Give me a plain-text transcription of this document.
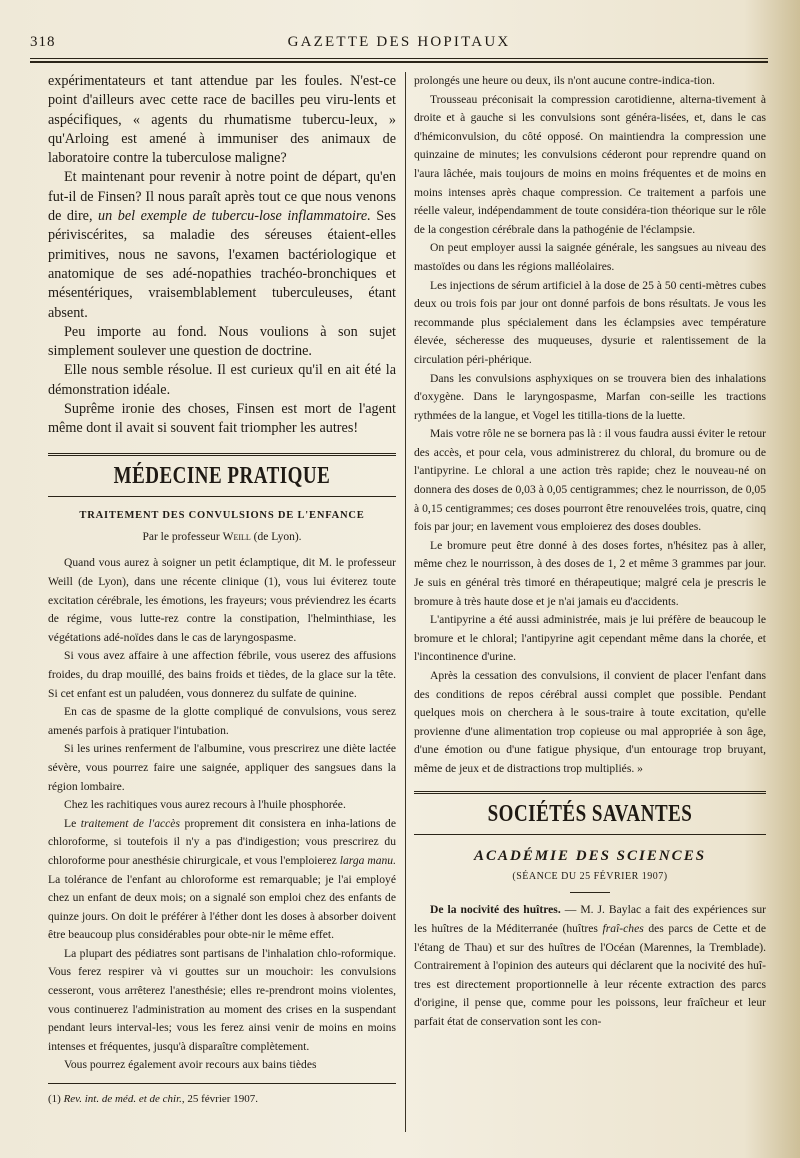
318	GAZETTE DES HOPITAUX

expérimentateurs et tant attendue par les foules. N'est-ce point d'ailleurs avec cette race de bacilles peu viru-lents et aspécifiques, « agents du rhumatisme tubercu-leux, » qu'Arloing est amené à immuniser des animaux de laboratoire contre la tuberculose maligne?

Et maintenant pour revenir à notre point de départ, qu'en fut-il de Finsen? Il nous paraît après tout ce que nous venons de dire, un bel exemple de tubercu-lose inflammatoire. Ses périviscérites, sa maladie des séreuses étaient-elles primitives, nous ne savons, l'examen bactériologique et anatomique de ses adé-nopathies trachéo-bronchiques et mésentériques, vraisemblablement tuberculeuses, étant absent.

Peu importe au fond. Nous voulions à son sujet simplement soulever une question de doctrine.

Elle nous semble résolue. Il est curieux qu'il en ait été la démonstration idéale.

Suprême ironie des choses, Finsen est mort de l'agent même dont il avait si souvent fait triompher les autres!

MÉDECINE PRATIQUE
TRAITEMENT DES CONVULSIONS DE L'ENFANCE
Par le professeur Weill (de Lyon).

Quand vous aurez à soigner un petit éclamptique, dit M. le professeur Weill (de Lyon), dans une récente clinique (1), vous lui éviterez toute excitation cérébrale, les émotions, les frayeurs; vous préviendrez les écarts de régime, vous lutte-rez contre la constipation, l'helminthiase, les végétations adé-noïdes dans le cas de laryngospasme.

Si vous avez affaire à une affection fébrile, vous userez des affusions froides, du drap mouillé, des bains froids et tièdes, de la glace sur la tête. Si cet enfant est un paludéen, vous donnerez du sulfate de quinine.

En cas de spasme de la glotte compliqué de convulsions, vous serez amenés parfois à pratiquer l'intubation.

Si les urines renferment de l'albumine, vous prescrirez une diète lactée sévère, vous pourrez faire une saignée, appliquer des sangsues dans la région lombaire.

Chez les rachitiques vous aurez recours à l'huile phosphorée.

Le traitement de l'accès proprement dit consistera en inha-lations de chloroforme, si toutefois il n'y a pas d'indigestion; vous prescrirez du chloroforme pour anesthésie chirurgicale, et vous l'emploierez larga manu. La tolérance de l'enfant au chloroforme est remarquable; je l'ai employé chez un enfant de deux mois; on a signalé son emploi chez des enfants de quinze jours. On doit le préférer à l'éther dont les doses à absorber doivent être beaucoup plus considérables pour obte-nir le même effet.

La plupart des pédiatres sont partisans de l'inhalation chlo-roformique. Vous ferez respirer và vi gouttes sur un mouchoir: les convulsions cesseront, vous arrêterez l'anesthésie; elles re-prendront moins violentes, vous continuerez l'administration au moment des crises en la suspendant pendant leurs interval-les; vous les ferez ainsi venir de moins en moins intenses et fréquentes, jusqu'à disparaître complètement.

Vous pourrez également avoir recours aux bains tièdes

(1) Rev. int. de méd. et de chir., 25 février 1907.

prolongés une heure ou deux, ils n'ont aucune contre-indica-tion.

Trousseau préconisait la compression carotidienne, alterna-tivement à droite et à gauche si les convulsions sont généra-lisées, et, dans le cas d'hémiconvulsion, du côté opposé. On maintiendra la compression une quinzaine de minutes; les convulsions céderont pour reprendre quand on l'aura lâchée, mais toujours de moins en moins fréquentes et de moins en moins intenses après chaque compression. Ce traitement a parfois une réelle valeur, indépendamment de toute considéra-tion théorique sur le rôle de la congestion cérébrale dans la pathogénie de l'éclampsie.

On peut employer aussi la saignée générale, les sangsues au niveau des mastoïdes ou dans les régions malléolaires.

Les injections de sérum artificiel à la dose de 25 à 50 centi-mètres cubes deux ou trois fois par jour ont donné parfois de bons résultats. Je vous les recommande plus spécialement dans les éclampsies avec température élevée, sécheresse des muqueuses, dysurie et ralentissement de la circulation péri-phérique.

Dans les convulsions asphyxiques on se trouvera bien des inhalations d'oxygène. Dans le laryngospasme, Marfan con-seille les tractions rythmées de la langue, et Vogel les titilla-tions de la luette.

Mais votre rôle ne se bornera pas là : il vous faudra aussi éviter le retour des accès, et pour cela, vous administrerez du chloral, du bromure ou de l'antipyrine. Le chloral a une action très rapide; chez le nouveau-né on donnera des doses de 0,03 à 0,05 centigrammes; chez le nourrisson, de 0,05 à 0,15 centigrammes; ces doses pourront être renouvelées trois, quatre, cinq fois par jour; en lavement vous emploierez des doses doubles.

Le bromure peut être donné à des doses fortes, n'hésitez pas à aller, même chez le nourrisson, à des doses de 1, 2 et même 3 grammes par jour. Je suis en général très timoré en thérapeutique; malgré cela je prescris le bromure à très haute dose et je n'ai jamais eu d'accidents.

L'antipyrine a été aussi administrée, mais je lui préfère de beaucoup le bromure et le chloral; l'antipyrine agit cependant même dans la chorée, et l'incontinence d'urine.

Après la cessation des convulsions, il convient de placer l'enfant dans des conditions de repos cérébral aussi complet que possible. Pendant quelques mois on cherchera à le sous-traire à toute excitation, qu'elle provienne d'une alimentation trop copieuse ou mal appropriée à son âge, d'une émotion ou d'une fatigue physique, d'un entourage trop bruyant, même de jeux et de distractions trop multipliés. »

SOCIÉTÉS SAVANTES
ACADÉMIE DES SCIENCES
(SÉANCE DU 25 FÉVRIER 1907)

De la nocivité des huîtres. — M. J. Baylac a fait des expériences sur les huîtres de la Méditerranée (huîtres fraî-ches des parcs de Cette et de l'étang de Thau) et sur des huîtres de l'Océan (Marennes, la Tremblade). Contrairement à l'opinion des auteurs qui déclarent que la nocivité des huî-tres est directement proportionnelle à leur récente extraction des parcs d'origine, il pense que, comme pour les poissons, leur fraîcheur et leur parfait état de conservation sont les con-
